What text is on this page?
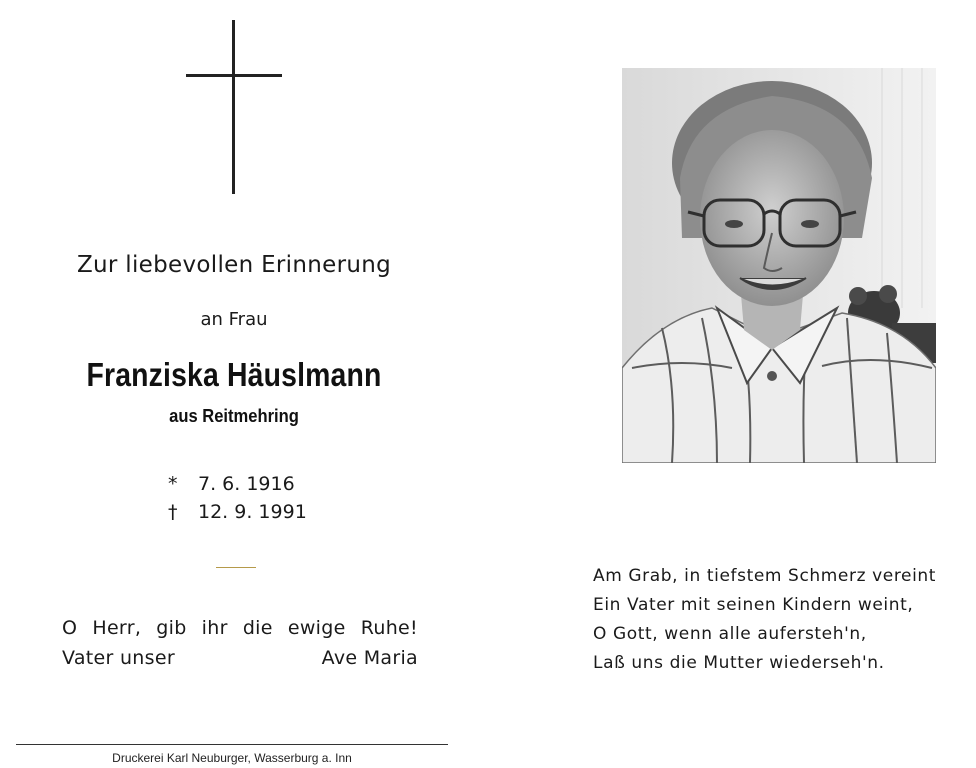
Zur liebevollen Erinnerung
an Frau
Franziska Häuslmann
aus Reitmehring
*	7. 6. 1916
†	12. 9. 1991
O Herr, gib ihr die ewige Ruhe!
Vater unser	Ave Maria
Druckerei Karl Neuburger, Wasserburg a. Inn
Am Grab, in tiefstem Schmerz vereint
Ein Vater mit seinen Kindern weint,
O Gott, wenn alle aufersteh'n,
Laß uns die Mutter wiederseh'n.
